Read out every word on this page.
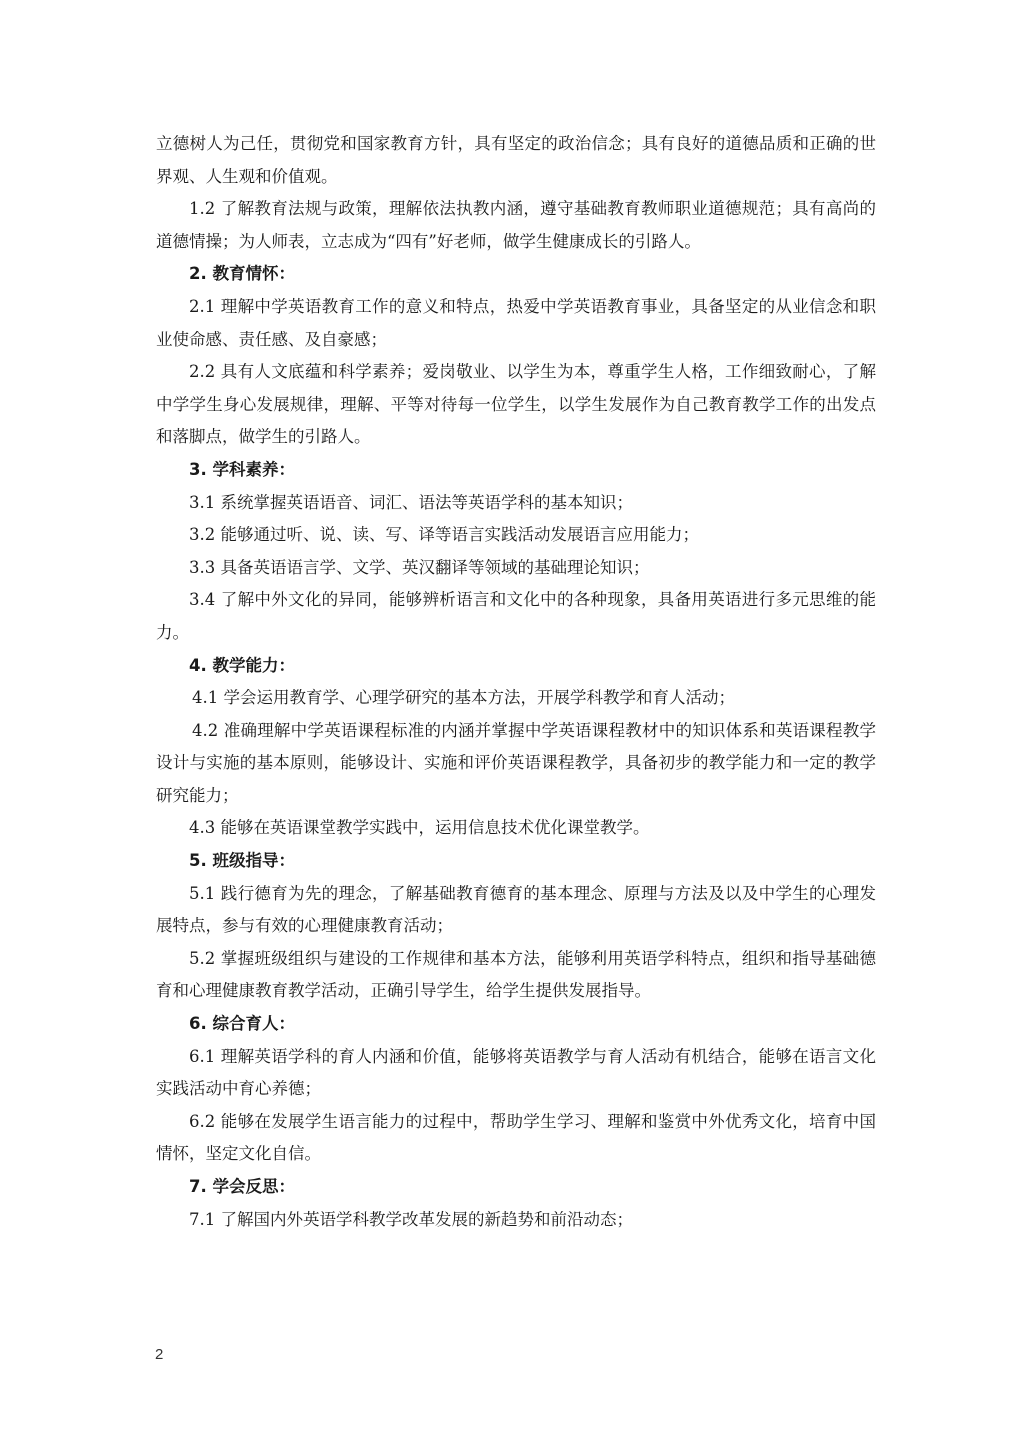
立德树人为己任，贯彻党和国家教育方针，具有坚定的政治信念；具有良好的道德品质和正确的世界观、人生观和价值观。

1.2 了解教育法规与政策，理解依法执教内涵，遵守基础教育教师职业道德规范；具有高尚的道德情操；为人师表，立志成为“四有”好老师，做学生健康成长的引路人。

2. 教育情怀：

2.1 理解中学英语教育工作的意义和特点，热爱中学英语教育事业，具备坚定的从业信念和职业使命感、责任感、及自豪感；

2.2 具有人文底蕴和科学素养；爱岗敬业、以学生为本，尊重学生人格，工作细致耐心，了解中学学生身心发展规律，理解、平等对待每一位学生，以学生发展作为自己教育教学工作的出发点和落脚点，做学生的引路人。

3. 学科素养：

3.1 系统掌握英语语音、词汇、语法等英语学科的基本知识；

3.2 能够通过听、说、读、写、译等语言实践活动发展语言应用能力；

3.3 具备英语语言学、文学、英汉翻译等领域的基础理论知识；

3.4 了解中外文化的异同，能够辨析语言和文化中的各种现象，具备用英语进行多元思维的能力。

4. 教学能力：

4.1 学会运用教育学、心理学研究的基本方法，开展学科教学和育人活动；

4.2 准确理解中学英语课程标准的内涵并掌握中学英语课程教材中的知识体系和英语课程教学设计与实施的基本原则，能够设计、实施和评价英语课程教学，具备初步的教学能力和一定的教学研究能力；

4.3 能够在英语课堂教学实践中，运用信息技术优化课堂教学。

5. 班级指导：

5.1 践行德育为先的理念，了解基础教育德育的基本理念、原理与方法及以及中学生的心理发展特点，参与有效的心理健康教育活动；

5.2 掌握班级组织与建设的工作规律和基本方法，能够利用英语学科特点，组织和指导基础德育和心理健康教育教学活动，正确引导学生，给学生提供发展指导。

6. 综合育人：

6.1 理解英语学科的育人内涵和价值，能够将英语教学与育人活动有机结合，能够在语言文化实践活动中育心养德；

6.2 能够在发展学生语言能力的过程中，帮助学生学习、理解和鉴赏中外优秀文化，培育中国情怀，坚定文化自信。

7. 学会反思：

7.1 了解国内外英语学科教学改革发展的新趋势和前沿动态；

2
